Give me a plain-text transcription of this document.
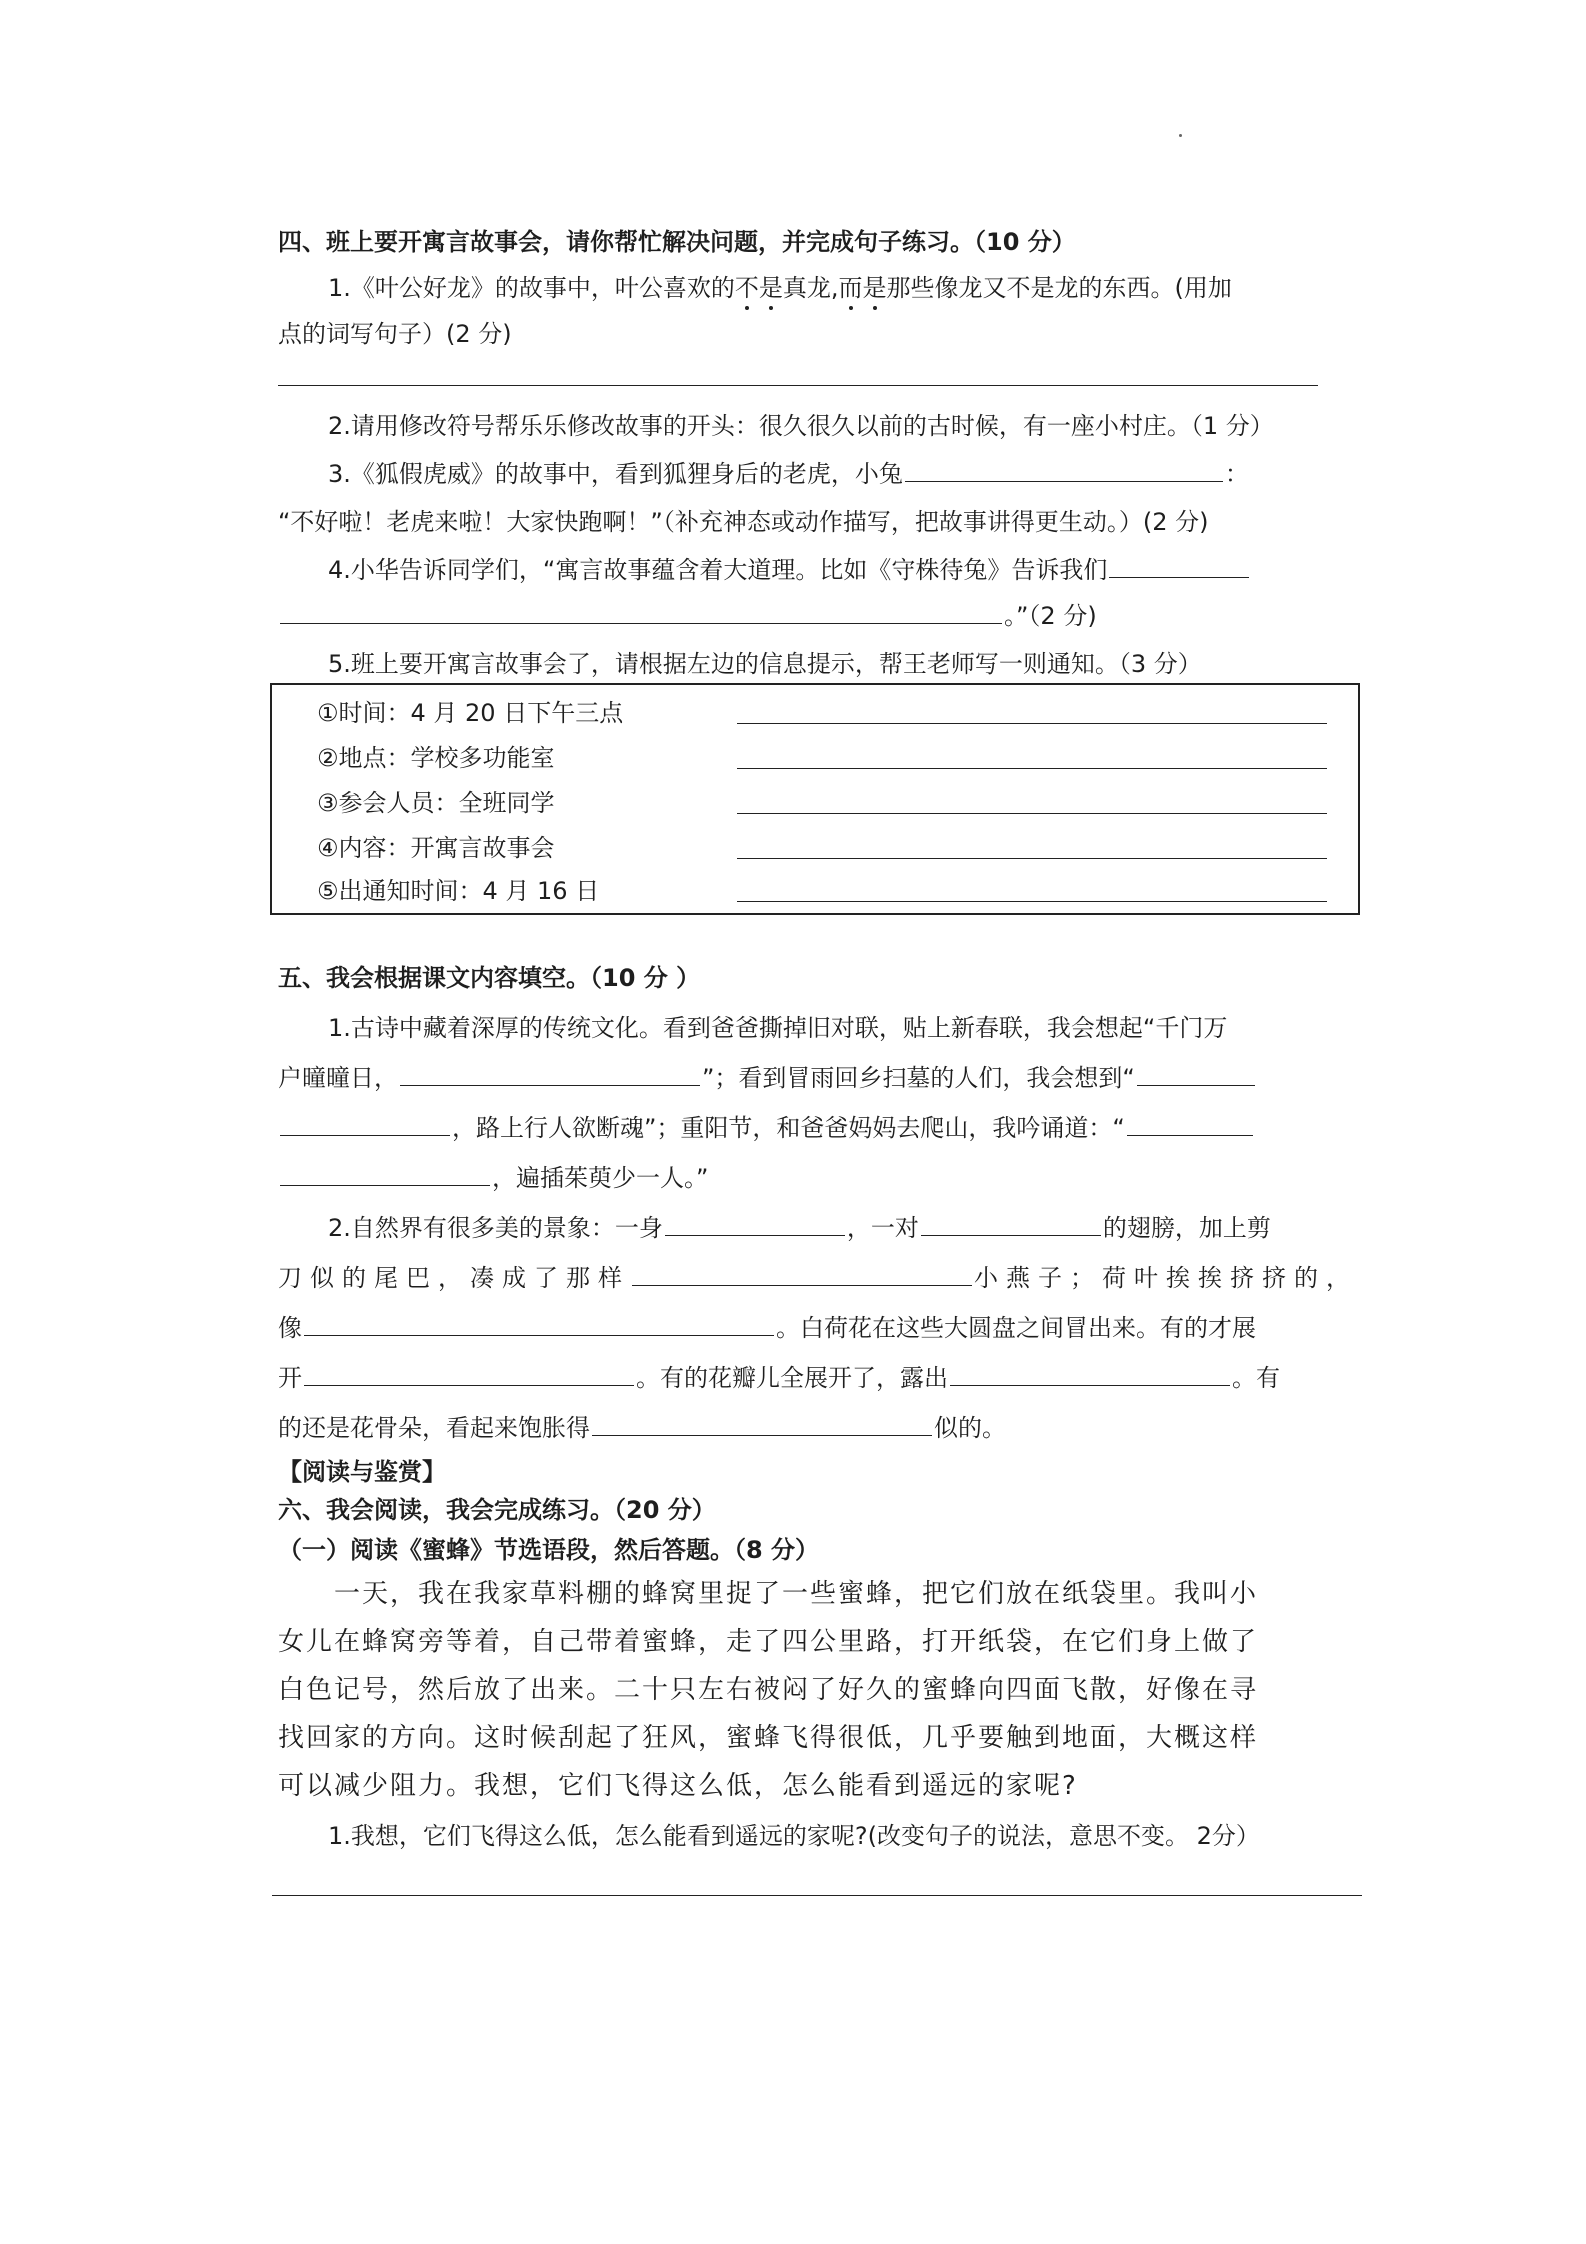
四、班上要开寓言故事会，请你帮忙解决问题，并完成句子练习。（10 分）
1.《叶公好龙》的故事中，叶公喜欢的不是真龙,而是那些像龙又不是龙的东西。(用加
点的词写句子）(2 分)
2.请用修改符号帮乐乐修改故事的开头：很久很久以前的古时候，有一座小村庄。（1 分）
3.《狐假虎威》的故事中，看到狐狸身后的老虎，小兔	：
“不好啦！老虎来啦！大家快跑啊！”（补充神态或动作描写，把故事讲得更生动。）(2 分)
4.小华告诉同学们，“寓言故事蕴含着大道理。比如《守株待兔》告诉我们
。”（2 分)
5.班上要开寓言故事会了，请根据左边的信息提示，帮王老师写一则通知。（3 分）
①时间：4 月 20 日下午三点
②地点：学校多功能室
③参会人员：全班同学
④内容：开寓言故事会
⑤出通知时间：4 月 16 日
五、我会根据课文内容填空。（10 分 ）
1.古诗中藏着深厚的传统文化。看到爸爸撕掉旧对联，贴上新春联，我会想起“千门万
户曈曈日，	”；看到冒雨回乡扫墓的人们，我会想到“
，路上行人欲断魂”；重阳节，和爸爸妈妈去爬山，我吟诵道：“
，遍插茱萸少一人。”
2.自然界有很多美的景象：一身	，一对	的翅膀，加上剪
刀似的尾巴，凑成了那样	小燕子；荷叶挨挨挤挤的，
像	。白荷花在这些大圆盘之间冒出来。有的才展
开	。有的花瓣儿全展开了，露出	。有
的还是花骨朵，看起来饱胀得	似的。
【阅读与鉴赏】
六、我会阅读，我会完成练习。（20 分）
（一）阅读《蜜蜂》节选语段，然后答题。（8 分）
一天，我在我家草料棚的蜂窝里捉了一些蜜蜂，把它们放在纸袋里。我叫小
女儿在蜂窝旁等着，自己带着蜜蜂，走了四公里路，打开纸袋，在它们身上做了
白色记号，然后放了出来。二十只左右被闷了好久的蜜蜂向四面飞散，好像在寻
找回家的方向。这时候刮起了狂风，蜜蜂飞得很低，几乎要触到地面，大概这样
可以减少阻力。我想，它们飞得这么低，怎么能看到遥远的家呢?
1.我想，它们飞得这么低，怎么能看到遥远的家呢?(改变句子的说法，意思不变。 2分）
